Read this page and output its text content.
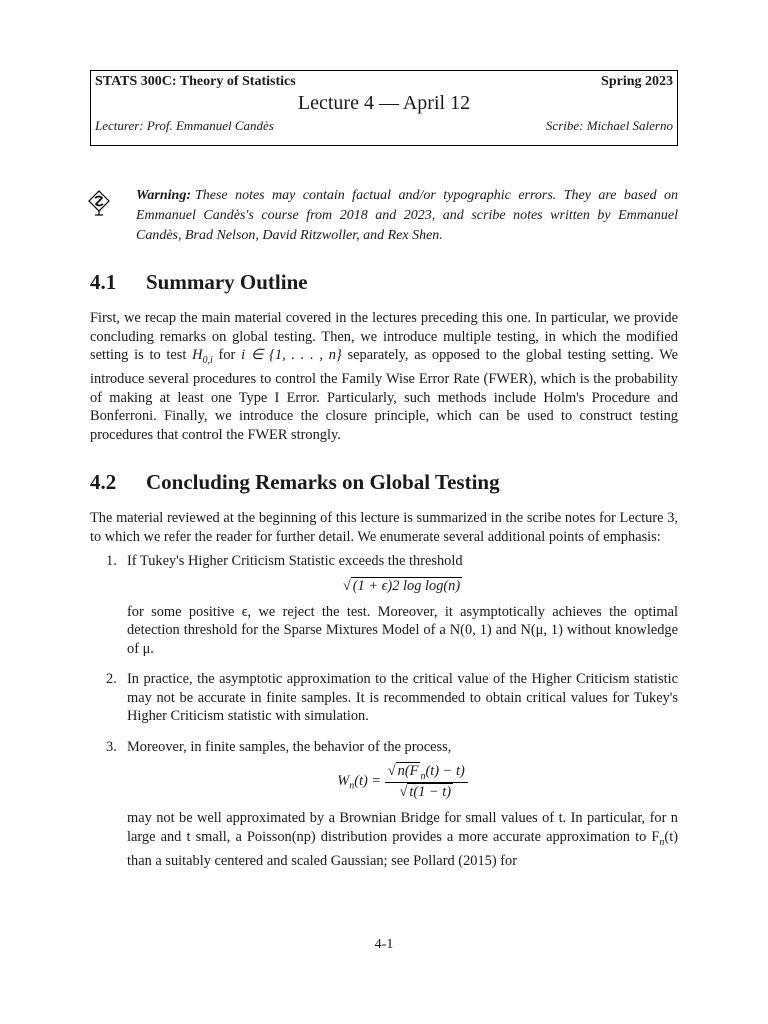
STATS 300C: Theory of Statistics	Spring 2023
Lecture 4 — April 12
Lecturer: Prof. Emmanuel Candès	Scribe: Michael Salerno
Warning: These notes may contain factual and/or typographic errors. They are based on Emmanuel Candès's course from 2018 and 2023, and scribe notes written by Emmanuel Candès, Brad Nelson, David Ritzwoller, and Rex Shen.
4.1 Summary Outline

First, we recap the main material covered in the lectures preceding this one. In particular, we provide concluding remarks on global testing. Then, we introduce multiple testing, in which the modified setting is to test $H_{0,i}$ for i ∈ {1, . . . , n} separately, as opposed to the global testing setting. We introduce several procedures to control the Family Wise Error Rate (FWER), which is the probability of making at least one Type I Error. Particularly, such methods include Holm's Procedure and Bonferroni. Finally, we introduce the closure principle, which can be used to construct testing procedures that control the FWER strongly.

4.2 Concluding Remarks on Global Testing

The material reviewed at the beginning of this lecture is summarized in the scribe notes for Lecture 3, to which we refer the reader for further detail. We enumerate several additional points of emphasis:

1. If Tukey's Higher Criticism Statistic exceeds the threshold
√ (1 + ϵ)2 log log(n)
for some positive ϵ, we reject the test. Moreover, it asymptotically achieves the optimal detection threshold for the Sparse Mixtures Model of a N(0, 1) and N(μ, 1) without knowledge of μ.
2. In practice, the asymptotic approximation to the critical value of the Higher Criticism statistic may not be accurate in finite samples. It is recommended to obtain critical values for Tukey's Higher Criticism statistic with simulation.
3. Moreover, in finite samples, the behavior of the process,
$W_n(t) = \frac{√ n(F _n(t) - t)}{√ t(1 - t)}$
may not be well approximated by a Brownian Bridge for small values of t. In particular, for n large and t small, a Poisson(np) distribution provides a more accurate approximation to $F_n(t)$ than a suitably centered and scaled Gaussian; see Pollard (2015) for
4-1
